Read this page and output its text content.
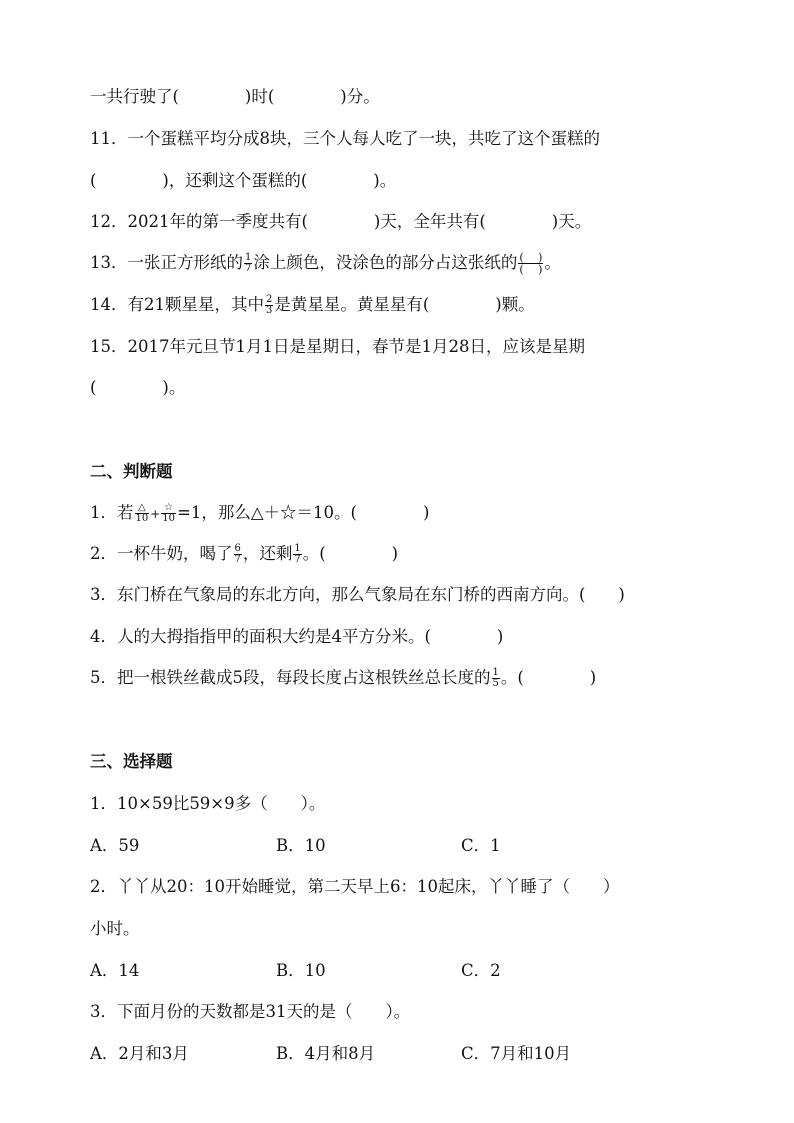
一共行驶了(　　　　)时(　　　　)分。
11．一个蛋糕平均分成8块，三个人每人吃了一块，共吃了这个蛋糕的
(　　　　)，还剩这个蛋糕的(　　　　)。
12．2021年的第一季度共有(　　　　)天，全年共有(　　　　)天。
13．一张正方形纸的 $\frac{1}{7}$ 涂上颜色，没涂色的部分占这张纸的 $\frac{( )}{( )}$ 。
14．有21颗星星，其中 $\frac{2}{3}$ 是黄星星。黄星星有(　　　　)颗。
15．2017年元旦节1月1日是星期日，春节是1月28日，应该是星期
(　　　　)。
二、判断题
1．若 $\frac{\triangle}{10} + \frac{☆}{10} =1$，那么△＋☆＝10。(　　　　)
2．一杯牛奶，喝了 $\frac{6}{7}$ ，还剩 $\frac{1}{7}$ 。(　　　　)
3．东门桥在气象局的东北方向，那么气象局在东门桥的西南方向。(　　)
4．人的大拇指指甲的面积大约是4平方分米。(　　　　)
5．把一根铁丝截成5段，每段长度占这根铁丝总长度的 $\frac{1}{5}$ 。(　　　　)
三、选择题
1．10×59比59×9多（　　）。
A．59	B．10	C．1
2．丫丫从20：10开始睡觉，第二天早上6：10起床，丫丫睡了（　　）
小时。
A．14	B．10	C．2
3．下面月份的天数都是31天的是（　　）。
A．2月和3月	B．4月和8月	C．7月和10月
